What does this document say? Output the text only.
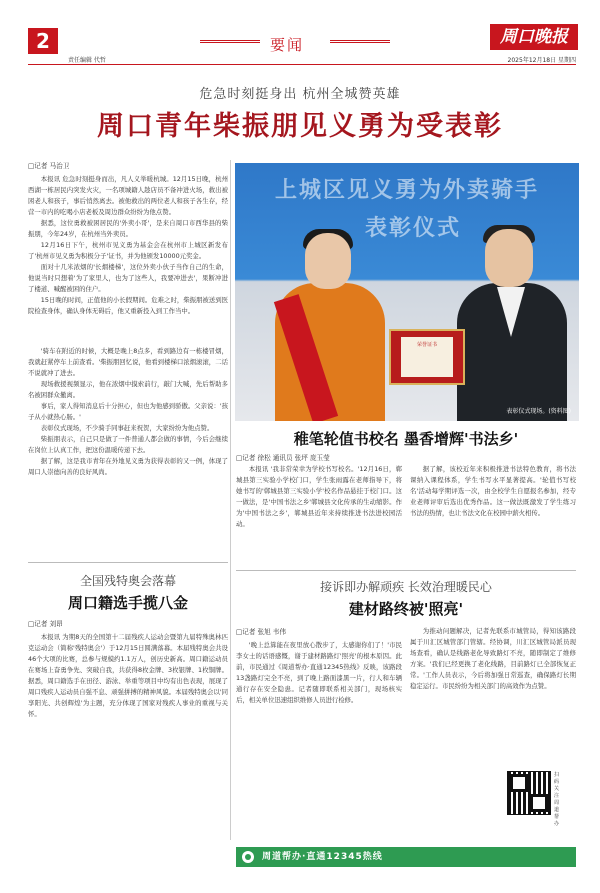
2
责任编辑 代哲
要闻	周口晚报
2025年12月18日 星期四
危急时刻挺身出 杭州全城赞英雄
周口青年柴振朋见义勇为受表彰
□记者 马治卫

本报讯 危急时刻挺身而出，凡人义举暖杭城。12月15日晚，杭州西湖一栋居民内突发火灾，一名项城籍人趁店员不备冲进火场，救出被困老人和孩子，事后悄然离去。被他救出的两位老人和孩子各生存，经营一市内的吃喝小店老板及周边群众纷纷为他点赞。

据悉，这位勇救被困居民的'外卖小哥'，是来自周口市西华县的柴振朋，今年24岁，在杭州当外卖员。

12月16日下午，杭州市见义勇为基金会在杭州市上城区新发布了'杭州市见义勇为积极分子'证书，并为他颁发10000元奖金。

面对十几米浓烟的'长烟楼梯'，这位外卖小伙子当作自己的生命，他说当时只想着'为了家里人，也为了这些人，我要冲进去'，果断冲进了楼道、喊醒被困的住户。

15日晚的时间，正值他的小长假期间。危难之时，柴振朋被送到医院检查身体，确认身体无碍后，他又重新投入到工作当中。

'骑车在附近的时候，大概是晚上8点多，看到路边有一栋楼冒烟，我就赶紧停车上前查看。'柴振朋回忆说，他看到楼梯口浓烟滚滚，二话不说就冲了进去。

现场救援视频显示，他在浓烟中摸索前行，敲门大喊，先后帮助多名被困群众撤离。

事后，家人得知消息后十分担心，但也为他感到骄傲。父亲说：'孩子从小就热心肠。'

表彰仪式现场，不少骑手同事赶来祝贺，大家纷纷为他点赞。

柴振朋表示，自己只是做了一件普通人都会做的事情，今后会继续在岗位上认真工作，把这份温暖传递下去。

据了解，这是我市青年在外地见义勇为获得表彰的又一例，体现了周口人崇德向善的良好风尚。

上城区见义勇为外卖骑手
表彰仪式
荣誉证书
表彰仪式现场。(资料图)
稚笔轮值书校名 墨香增辉'书法乡'
□记者 徐松 通讯员 张坪 庞玉莹

本报讯 '我非常荣幸为学校书写校名。'12月16日，郸城县第三实验小学校门口，学生张雨露在老师指导下，将她书写的'郸城县第三实验小学'校名作品悬挂于校门口。这一做法，是'中国书法之乡'郸城县文化传承的生动缩影。作为'中国书法之乡'，郸城县近年来持续推进书法进校园活动。

据了解，该校近年来积极推进书法特色教育，将书法课纳入课程体系，学生书写水平显著提高。'轮值书写校名'活动每学期评选一次，由全校学生自愿报名参加，经专业老师评审后选出优秀作品。这一做法既激发了学生练习书法的热情，也让书法文化在校园中薪火相传。

全国残特奥会落幕
周口籍选手揽八金
□记者 刘昂

本报讯 为期8天的全国第十二届残疾人运动会暨第九届特殊奥林匹克运动会（简称'残特奥会'）于12月15日圆满落幕。本届残特奥会共设46个大项的比赛，总参与规模约1.1万人，创历史新高。周口籍运动员在赛场上奋勇争先、突破自我，共获得8枚金牌、3枚银牌、1枚铜牌。据悉，周口籍选手在田径、游泳、举重等项目中均有出色表现，展现了周口残疾人运动员自强不息、顽强拼搏的精神风貌。本届残特奥会以'同享阳光、共创辉煌'为主题，充分体现了国家对残疾人事业的重视与关怀。

接诉即办解顽疾 长效治理暖民心
建材路终被'照亮'
□记者 张旭 韦伟

'晚上总算能在夜里放心散步了，太感谢你们了！'市民李女士的话语感慨，谢于建材路路灯'照亮'的根本原因。此前，市民通过《周道帮办·直通12345热线》反映，该路段13盏路灯完全不亮，到了晚上路面漆黑一片，行人和车辆通行存在安全隐患。记者随即联系相关部门，现场核实后，相关单位迅速组织维修人员进行检修。

为推动问题解决，记者先联系市城管局，得知该路段属于川汇区城管部门管辖。经协调，川汇区城管局派员现场查看，确认是线路老化导致路灯不亮，随即制定了维修方案。'我们已经更换了老化线路，目前路灯已全部恢复正常。'工作人员表示，今后将加强日常巡查，确保路灯长期稳定运行。市民纷纷为相关部门的高效作为点赞。

扫码关注周道帮办
周道帮办·直通12345热线
